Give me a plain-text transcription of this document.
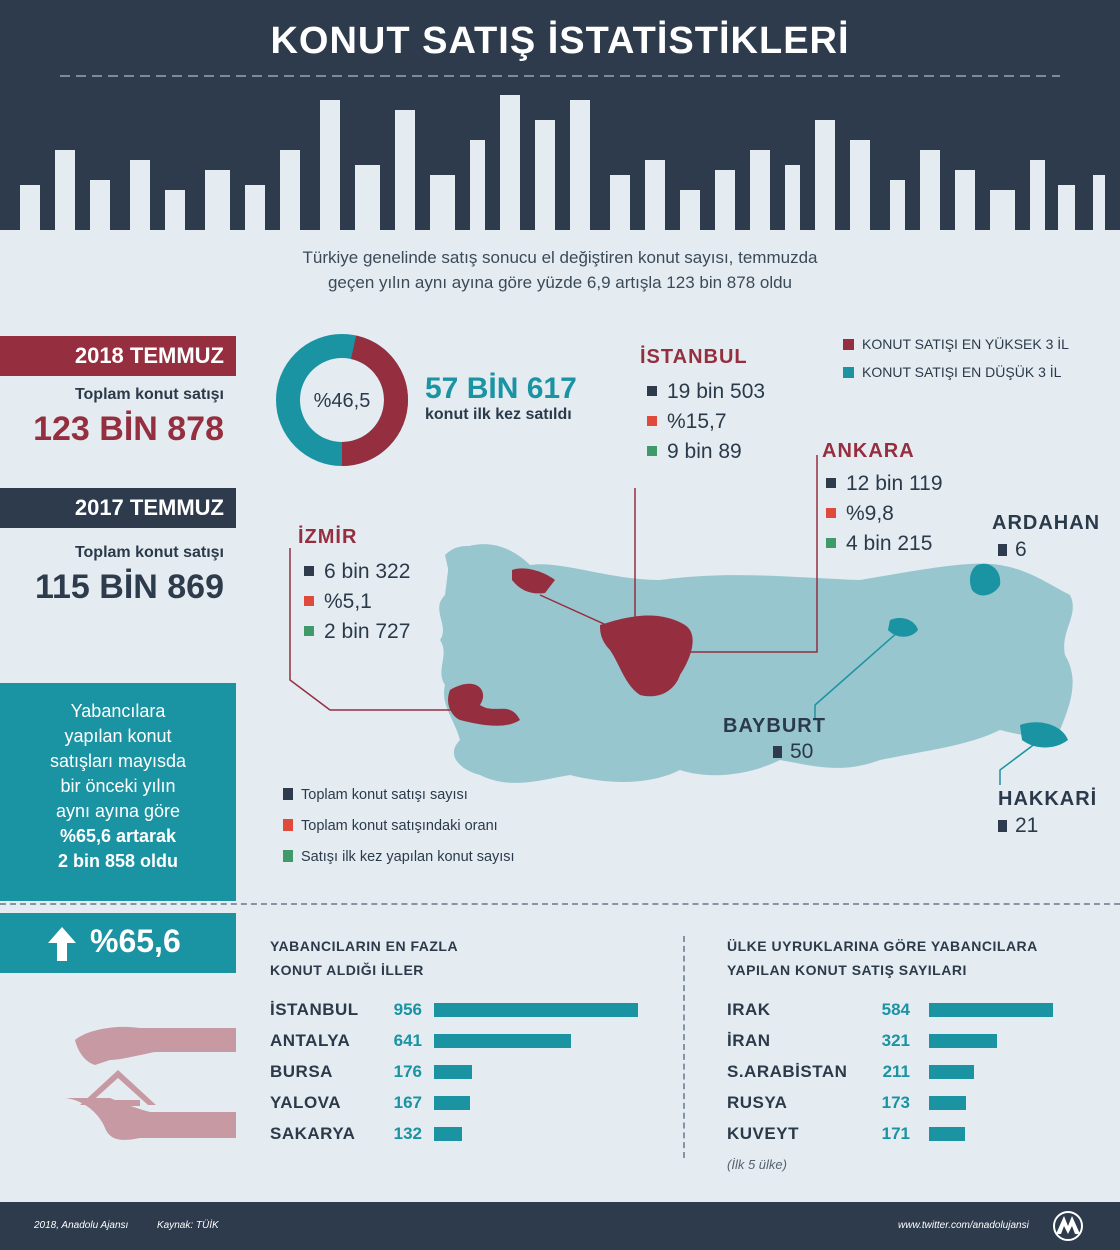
KONUT SATIŞ İSTATİSTİKLERİ
Türkiye genelinde satış sonucu el değiştiren konut sayısı, temmuzda
geçen yılın aynı ayına göre yüzde 6,9 artışla 123 bin 878 oldu
2018 TEMMUZ
Toplam konut satışı
123 BİN 878
2017 TEMMUZ
Toplam konut satışı
115 BİN 869
%46,5 57 BİN 617
konut ilk kez satıldı
KONUT SATIŞI EN YÜKSEK 3 İL
KONUT SATIŞI EN DÜŞÜK 3 İL
İSTANBUL
19 bin 503
%15,7
9 bin 89	ANKARA
12 bin 119
%9,8
4 bin 215
İZMİR
6 bin 322
%5,1
2 bin 727
ARDAHAN
6
BAYBURT
50
HAKKARİ
21
Toplam konut satışı sayısı
Toplam konut satışındaki oranı
Satışı ilk kez yapılan konut sayısı
Yabancılara
yapılan konut
satışları mayısda
bir önceki yılın
aynı ayına göre
%65,6 artarak
2 bin 858 oldu
%65,6	YABANCILARIN EN FAZLA
KONUT ALDIĞI İLLER
İSTANBUL	956
ANTALYA	641
BURSA	176
YALOVA	167
SAKARYA	132
ÜLKE UYRUKLARINA GÖRE YABANCILARA
YAPILAN KONUT SATIŞ SAYILARI
IRAK	584
İRAN	321
S.ARABİSTAN	211
RUSYA	173
KUVEYT	171
(İlk 5 ülke)
2018, Anadolu Ajansı	Kaynak: TÜİK	www.twitter.com/anadolujansi
